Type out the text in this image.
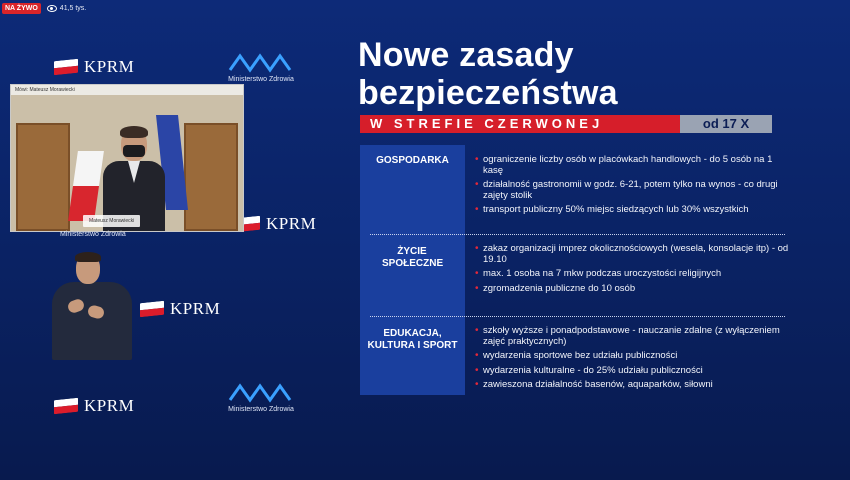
NA ŻYWO	41,5 tys.
KPRM
KPRM
KPRM
KPRM
Ministerstwo Zdrowia
Ministerstwo Zdrowia
Mówi: Mateusz Morawiecki
Mateusz Morawiecki
Ministerstwo Zdrowia
Nowe zasady
bezpieczeństwa
W STREFIE CZERWONEJ	od 17 X
GOSPODARKA
•	ograniczenie liczby osób w placówkach handlowych - do 5 osób na 1 kasę
• działalność gastronomii w godz. 6-21, potem tylko na wynos - co drugi zajęty stolik
• transport publiczny 50% miejsc siedzących lub 30% wszystkich
ŻYCIE SPOŁECZNE
• zakaz organizacji imprez okolicznościowych (wesela, konsolacje itp) - od 19.10
• max. 1 osoba na 7 mkw podczas uroczystości religijnych
• zgromadzenia publiczne do 10 osób
EDUKACJA, KULTURA I SPORT
• szkoły wyższe i ponadpodstawowe - nauczanie zdalne (z wyłączeniem zajęć praktycznych)
• wydarzenia sportowe bez udziału publiczności
• wydarzenia kulturalne - do 25% udziału publiczności
• zawieszona działalność basenów, aquaparków, siłowni
